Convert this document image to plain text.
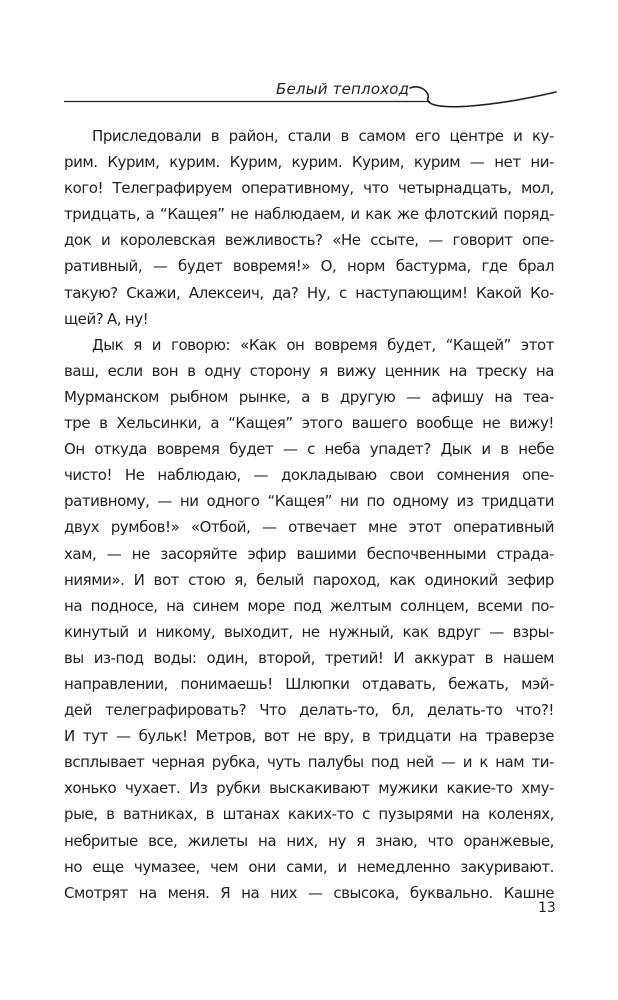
Белый теплоход
Приследовали в район, стали в самом его центре и ку-
рим. Курим, курим. Курим, курим. Курим, курим — нет ни-
кого! Телеграфируем оперативному, что четырнадцать, мол,
тридцать, а “Кащея” не наблюдаем, и как же флотский поряд-
док и королевская вежливость? «Не ссыте, — говорит опе-
ративный, — будет вовремя!» О, норм бастурма, где брал
такую? Скажи, Алексеич, да? Ну, с наступающим! Какой Ко-
щей? А, ну!
Дык я и говорю: «Как он вовремя будет, “Кащей” этот
ваш, если вон в одну сторону я вижу ценник на треску на
Мурманском рыбном рынке, а в другую — афишу на теа-
тре в Хельсинки, а “Кащея” этого вашего вообще не вижу!
Он откуда вовремя будет — с неба упадет? Дык и в небе
чисто! Не наблюдаю, — докладываю свои сомнения опе-
ративному, — ни одного “Кащея” ни по одному из тридцати
двух румбов!» «Отбой, — отвечает мне этот оперативный
хам, — не засоряйте эфир вашими беспочвенными страда-
ниями». И вот стою я, белый пароход, как одинокий зефир
на подносе, на синем море под желтым солнцем, всеми по-
кинутый и никому, выходит, не нужный, как вдруг — взры-
вы из-под воды: один, второй, третий! И аккурат в нашем
направлении, понимаешь! Шлюпки отдавать, бежать, мэй-
дей телеграфировать? Что делать-то, бл, делать-то что?!
И тут — бульк! Метров, вот не вру, в тридцати на траверзе
всплывает черная рубка, чуть палубы под ней — и к нам ти-
хонько чухает. Из рубки выскакивают мужики какие-то хму-
рые, в ватниках, в штанах каких-то с пузырями на коленях,
небритые все, жилеты на них, ну я знаю, что оранжевые,
но еще чумазее, чем они сами, и немедленно закуривают.
Смотрят на меня. Я на них — свысока, буквально. Кашне
13
